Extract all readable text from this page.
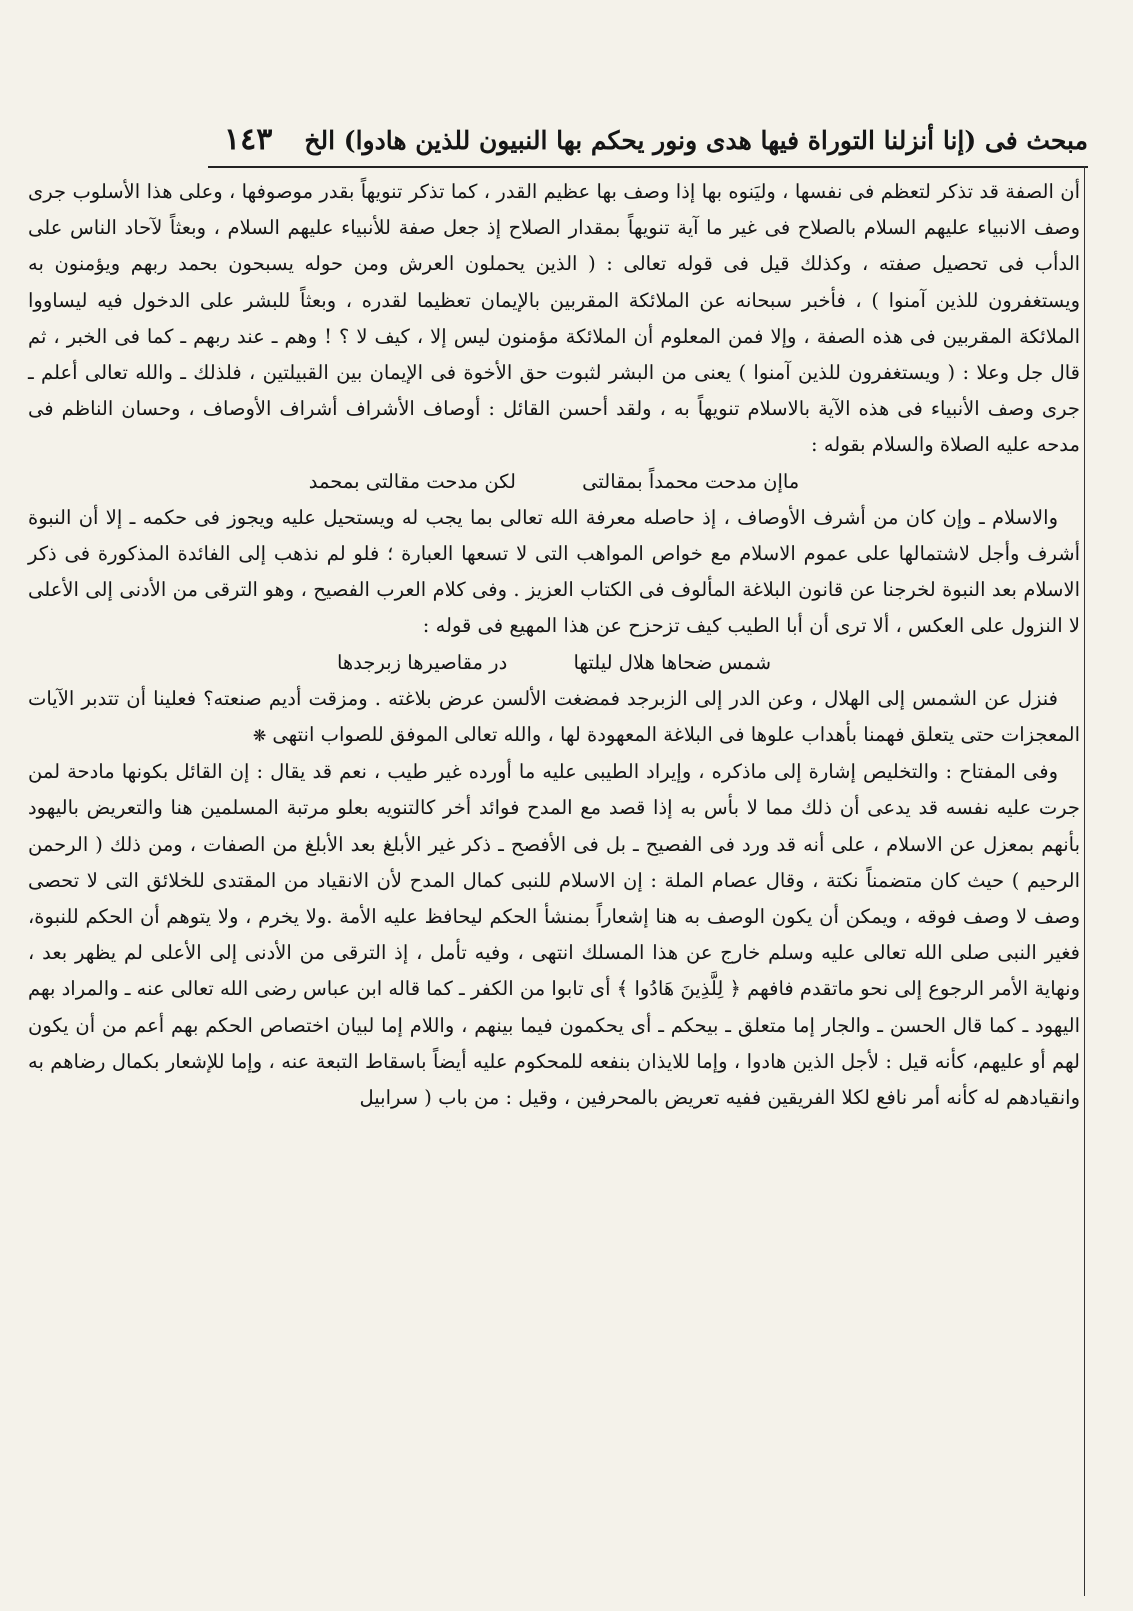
مبحث فى (إنا أنزلنا التوراة فيها هدى ونور يحكم بها النبيون للذين هادوا) الخ
١٤٣

أن الصفة قد تذكر لتعظم فى نفسها ، وليَنوه بها إذا وصف بها عظيم القدر ، كما تذكر تنويهاً بقدر موصوفها ، وعلى هذا الأسلوب جرى وصف الانبياء عليهم السلام بالصلاح فى غير ما آية تنويهاً بمقدار الصلاح إذ جعل صفة للأنبياء عليهم السلام ، وبعثاً لآحاد الناس على الدأب فى تحصيل صفته ، وكذلك قيل فى قوله تعالى : ( الذين يحملون العرش ومن حوله يسبحون بحمد ربهم ويؤمنون به ويستغفرون للذين آمنوا ) ، فأخبر سبحانه عن الملائكة المقربين بالإيمان تعظيما لقدره ، وبعثاً للبشر على الدخول فيه ليساووا الملائكة المقربين فى هذه الصفة ، وإلا فمن المعلوم أن الملائكة مؤمنون ليس إلا ، كيف لا ؟ ! وهم ـ عند ربهم ـ كما فى الخبر ، ثم قال جل وعلا : ( ويستغفرون للذين آمنوا ) يعنى من البشر لثبوت حق الأخوة فى الإيمان بين القبيلتين ، فلذلك ـ والله تعالى أعلم ـ جرى وصف الأنبياء فى هذه الآية بالاسلام تنويهاً به ، ولقد أحسن القائل : أوصاف الأشراف أشراف الأوصاف ، وحسان الناظم فى مدحه عليه الصلاة والسلام بقوله :

ماإن مدحت محمداً بمقالتى لكن مدحت مقالتى بمحمد

والاسلام ـ وإن كان من أشرف الأوصاف ، إذ حاصله معرفة الله تعالى بما يجب له ويستحيل عليه ويجوز فى حكمه ـ إلا أن النبوة أشرف وأجل لاشتمالها على عموم الاسلام مع خواص المواهب التى لا تسعها العبارة ؛ فلو لم نذهب إلى الفائدة المذكورة فى ذكر الاسلام بعد النبوة لخرجنا عن قانون البلاغة المألوف فى الكتاب العزيز . وفى كلام العرب الفصيح ، وهو الترقى من الأدنى إلى الأعلى لا النزول على العكس ، ألا ترى أن أبا الطيب كيف تزحزح عن هذا المهيع فى قوله :

شمس ضحاها هلال ليلتها در مقاصيرها زبرجدها

فنزل عن الشمس إلى الهلال ، وعن الدر إلى الزبرجد فمضغت الألسن عرض بلاغته . ومزقت أديم صنعته؟ فعلينا أن تتدبر الآيات المعجزات حتى يتعلق فهمنا بأهداب علوها فى البلاغة المعهودة لها ، والله تعالى الموفق للصواب انتهى ❋

وفى المفتاح : والتخليص إشارة إلى ماذكره ، وإيراد الطيبى عليه ما أورده غير طيب ، نعم قد يقال : إن القائل بكونها مادحة لمن جرت عليه نفسه قد يدعى أن ذلك مما لا بأس به إذا قصد مع المدح فوائد أخر كالتنويه بعلو مرتبة المسلمين هنا والتعريض باليهود بأنهم بمعزل عن الاسلام ، على أنه قد ورد فى الفصيح ـ بل فى الأفصح ـ ذكر غير الأبلغ بعد الأبلغ من الصفات ، ومن ذلك ( الرحمن الرحيم ) حيث كان متضمناً نكتة ، وقال عصام الملة : إن الاسلام للنبى كمال المدح لأن الانقياد من المقتدى للخلائق التى لا تحصى وصف لا وصف فوقه ، ويمكن أن يكون الوصف به هنا إشعاراً بمنشأ الحكم ليحافظ عليه الأمة .ولا يخرم ، ولا يتوهم أن الحكم للنبوة، فغير النبى صلى الله تعالى عليه وسلم خارج عن هذا المسلك انتهى ، وفيه تأمل ، إذ الترقى من الأدنى إلى الأعلى لم يظهر بعد ، ونهاية الأمر الرجوع إلى نحو ماتقدم فافهم ﴿ لِلَّذِينَ هَادُوا ﴾ أى تابوا من الكفر ـ كما قاله ابن عباس رضى الله تعالى عنه ـ والمراد بهم اليهود ـ كما قال الحسن ـ والجار إما متعلق ـ بيحكم ـ أى يحكمون فيما بينهم ، واللام إما لبيان اختصاص الحكم بهم أعم من أن يكون لهم أو عليهم، كأنه قيل : لأجل الذين هادوا ، وإما للايذان بنفعه للمحكوم عليه أيضاً باسقاط التبعة عنه ، وإما للإشعار بكمال رضاهم به وانقيادهم له كأنه أمر نافع لكلا الفريقين ففيه تعريض بالمحرفين ، وقيل : من باب ( سرابيل
